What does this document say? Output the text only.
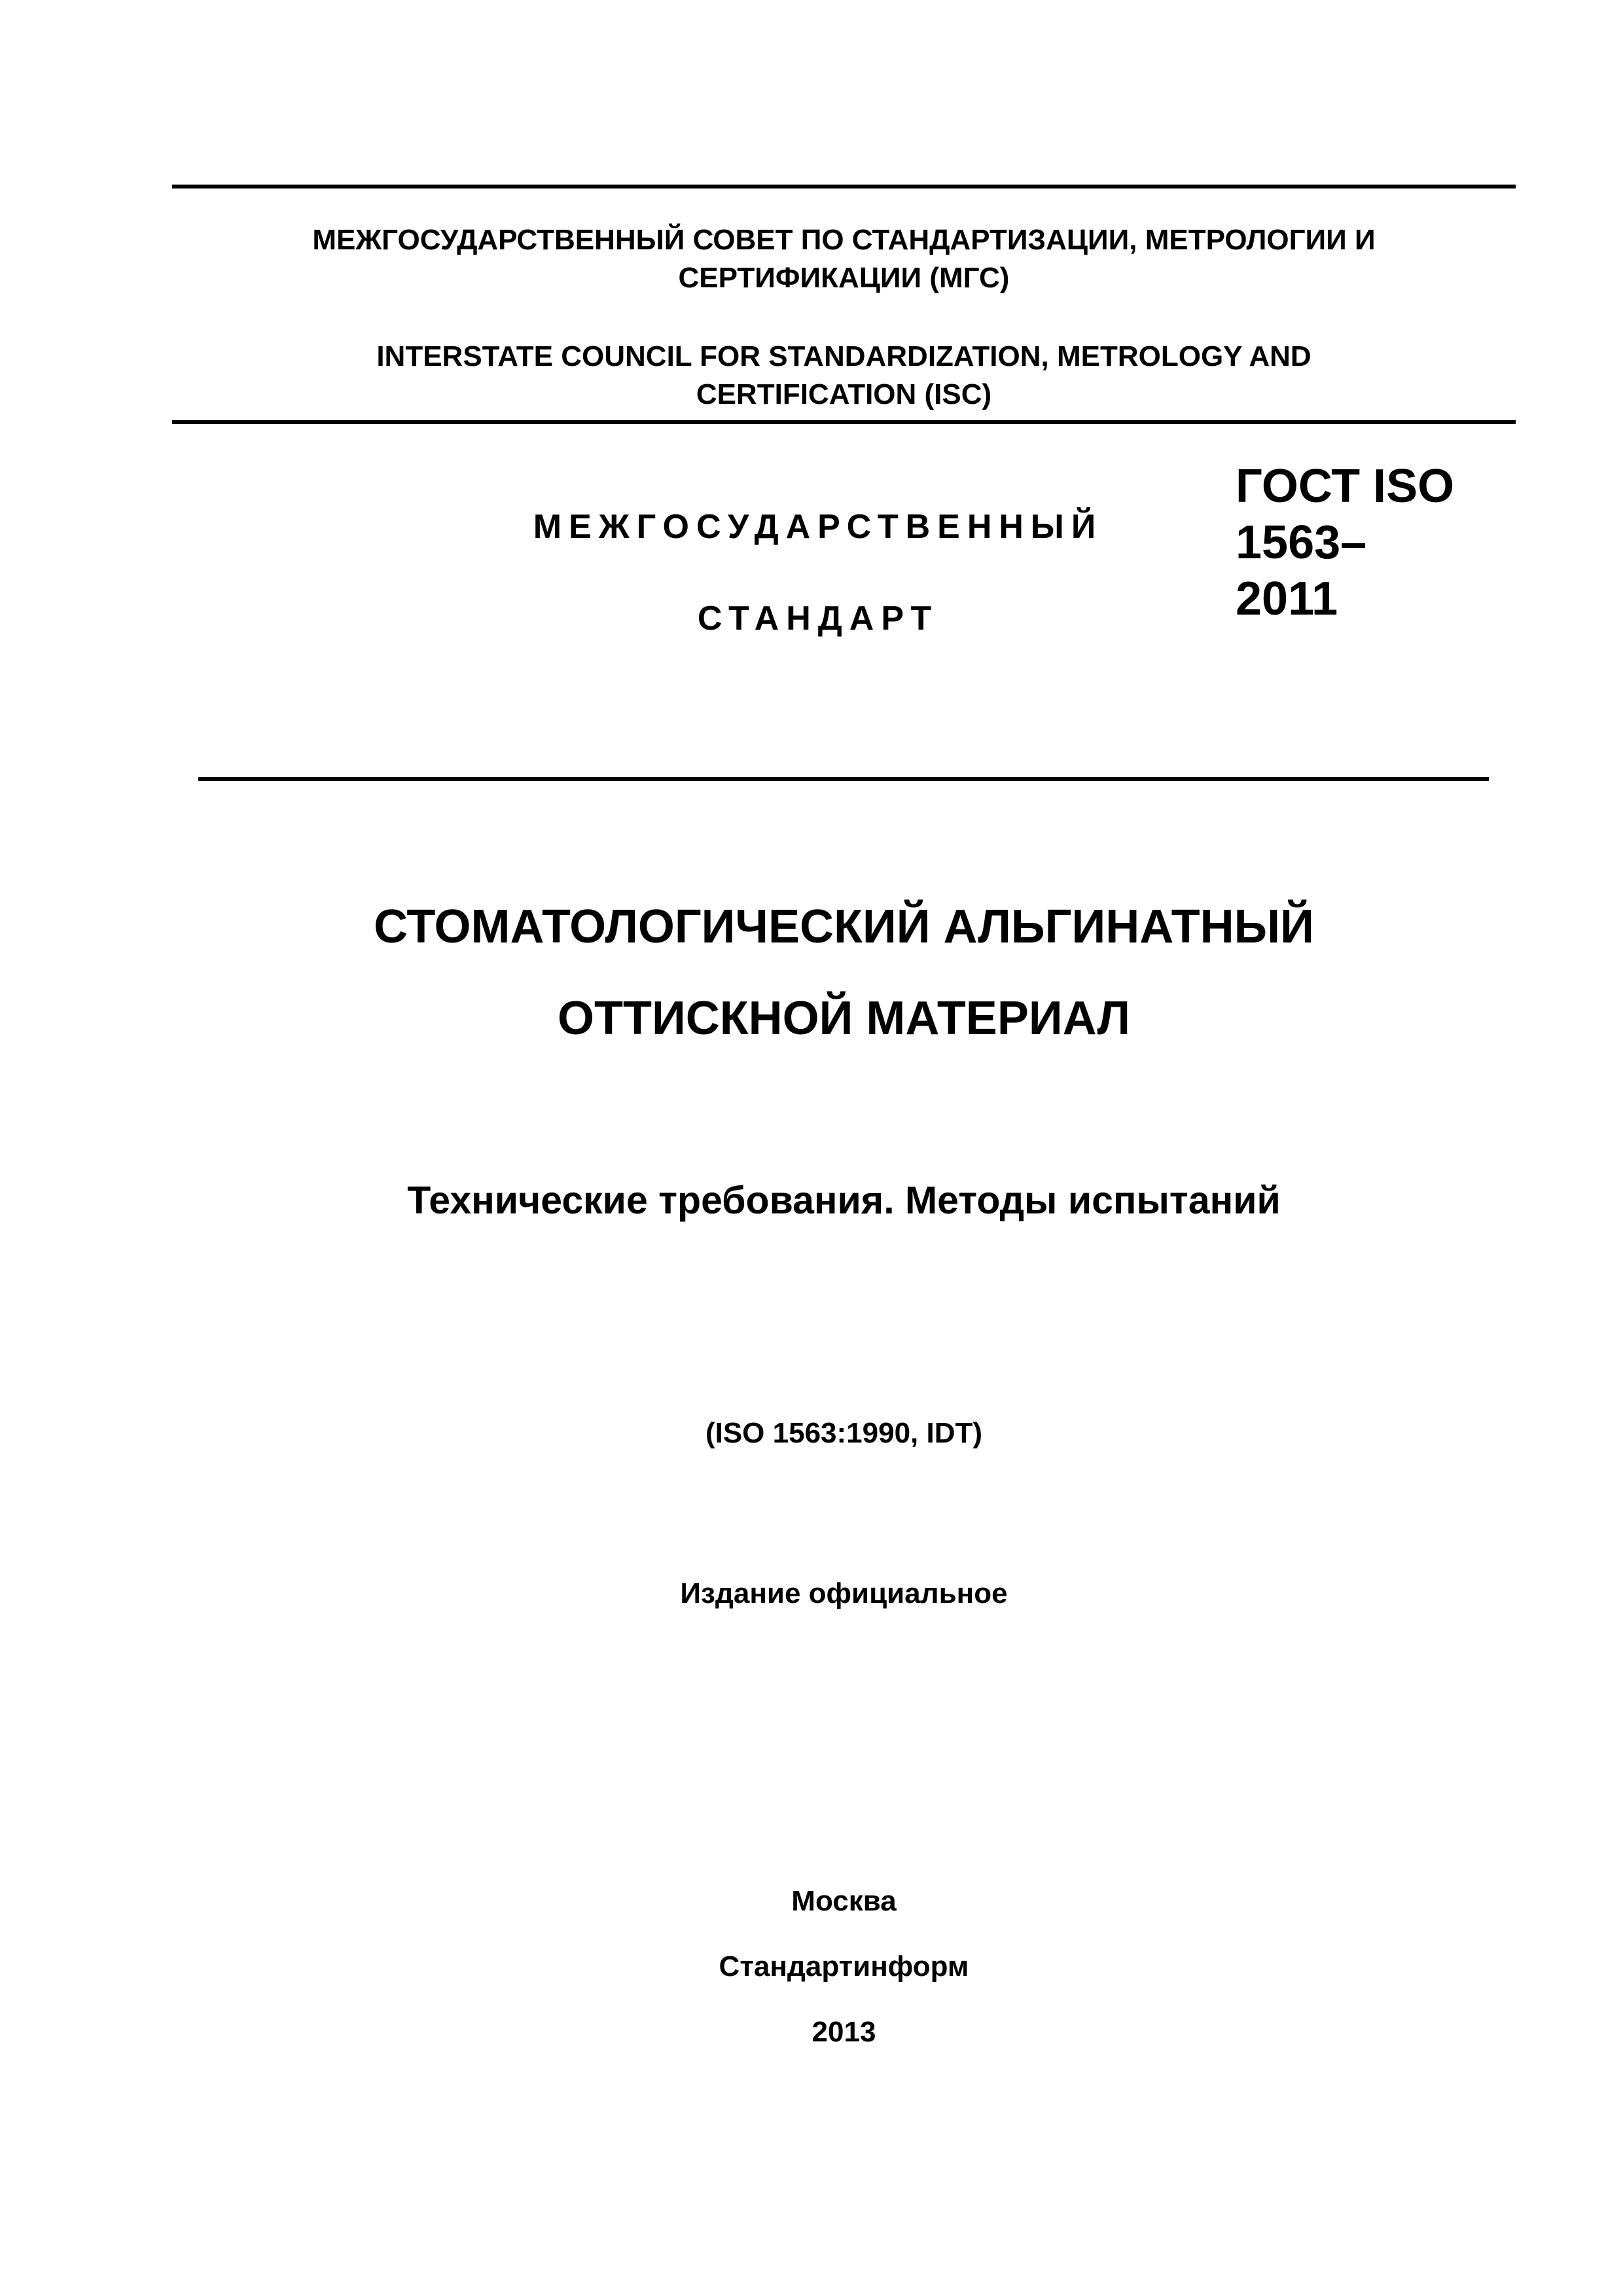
МЕЖГОСУДАРСТВЕННЫЙ СОВЕТ ПО СТАНДАРТИЗАЦИИ, МЕТРОЛОГИИ И
СЕРТИФИКАЦИИ (МГС)
INTERSTATE COUNCIL FOR STANDARDIZATION, METROLOGY AND
CERTIFICATION (ISC)
МЕЖГОСУДАРСТВЕННЫЙ
СТАНДАРТ
ГОСТ ISO
1563–
2011
СТОМАТОЛОГИЧЕСКИЙ АЛЬГИНАТНЫЙ
ОТТИСКНОЙ МАТЕРИАЛ
Технические требования. Методы испытаний
(ISO 1563:1990, IDT)
Издание официальное
Москва
Стандартинформ
2013
